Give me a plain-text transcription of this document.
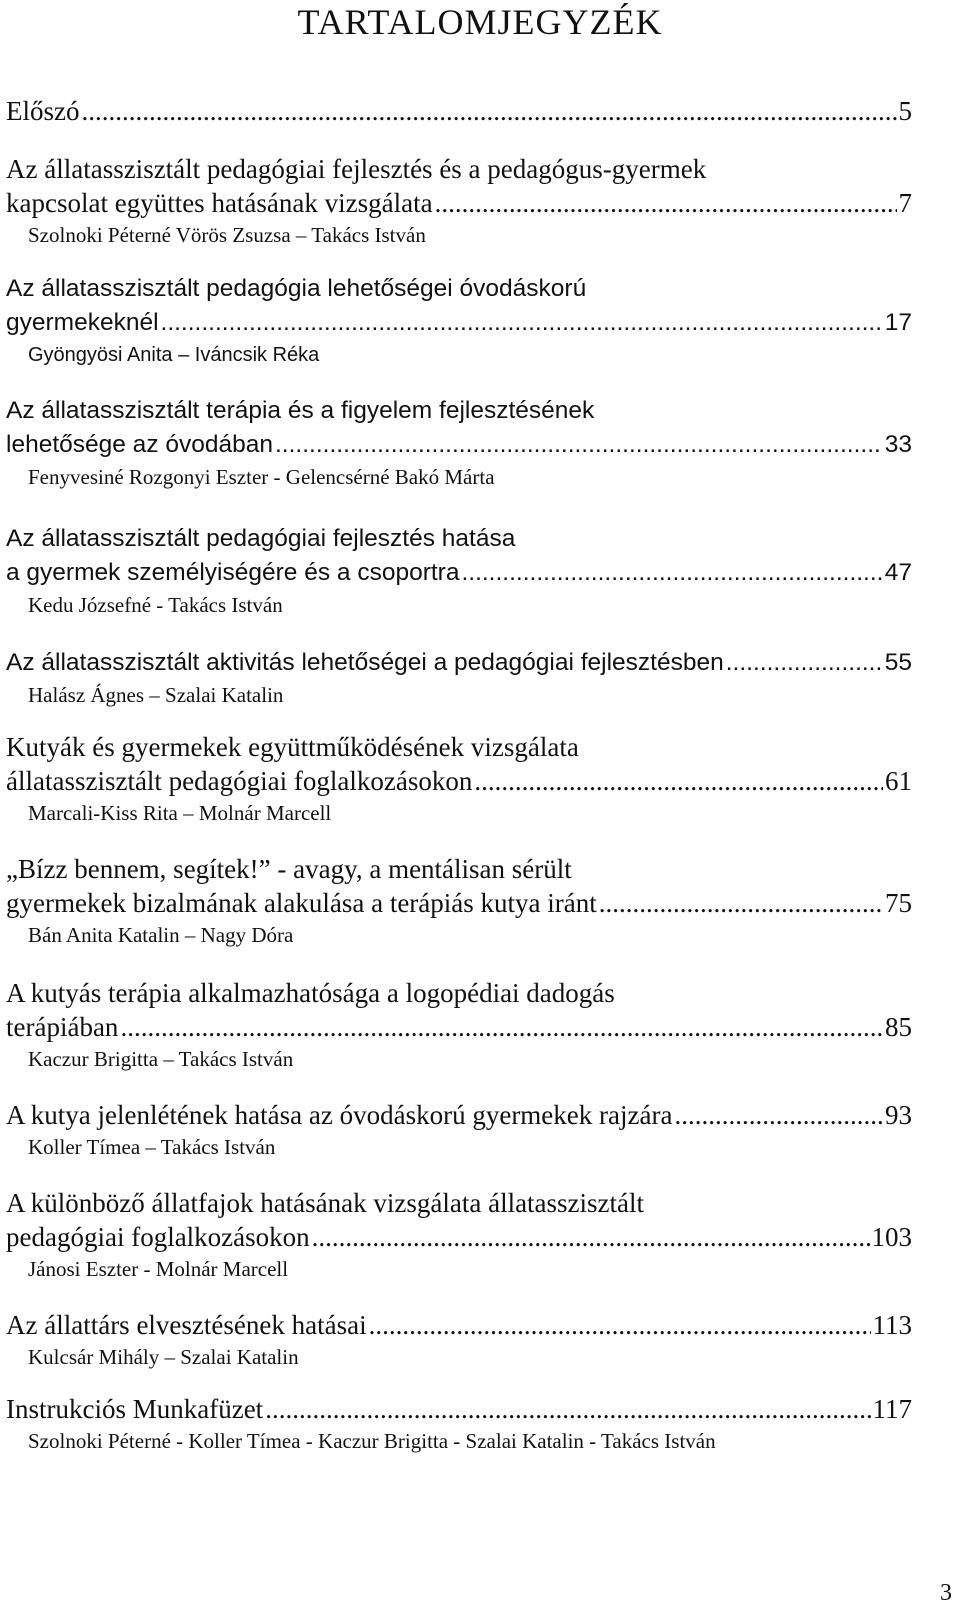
TARTALOMJEGYZÉK
Előszó .....	5
Az állatasszisztált pedagógiai fejlesztés és a pedagógus-gyermek
kapcsolat együttes hatásának vizsgálata .....	7
Szolnoki Péterné Vörös Zsuzsa – Takács István
Az állatasszisztált pedagógia lehetőségei óvodáskorú
gyermekeknél .....	17
Gyöngyösi Anita – Iváncsik Réka
Az állatasszisztált terápia és a figyelem fejlesztésének
lehetősége az óvodában .....	33
Fenyvesiné Rozgonyi Eszter - Gelencsérné Bakó Márta
Az állatasszisztált pedagógiai fejlesztés hatása
a gyermek személyiségére és a csoportra .....	47
Kedu Józsefné - Takács István
Az állatasszisztált aktivitás lehetőségei a pedagógiai fejlesztésben .....	55
Halász Ágnes – Szalai Katalin
Kutyák és gyermekek együttműködésének vizsgálata
állatasszisztált pedagógiai foglalkozásokon .....	61
Marcali-Kiss Rita – Molnár Marcell
„Bízz bennem, segítek!” - avagy, a mentálisan sérült
gyermekek bizalmának alakulása a terápiás kutya iránt .....	75
Bán Anita Katalin – Nagy Dóra
A kutyás terápia alkalmazhatósága a logopédiai dadogás
terápiában .....	85
Kaczur Brigitta – Takács István
A kutya jelenlétének hatása az óvodáskorú gyermekek rajzára .....	93
Koller Tímea – Takács István
A különböző állatfajok hatásának vizsgálata állatasszisztált
pedagógiai foglalkozásokon .....	103
Jánosi Eszter - Molnár Marcell
Az állattárs elvesztésének hatásai .....	113
Kulcsár Mihály – Szalai Katalin
Instrukciós Munkafüzet .....	117
Szolnoki Péterné - Koller Tímea - Kaczur Brigitta - Szalai Katalin - Takács István
3
